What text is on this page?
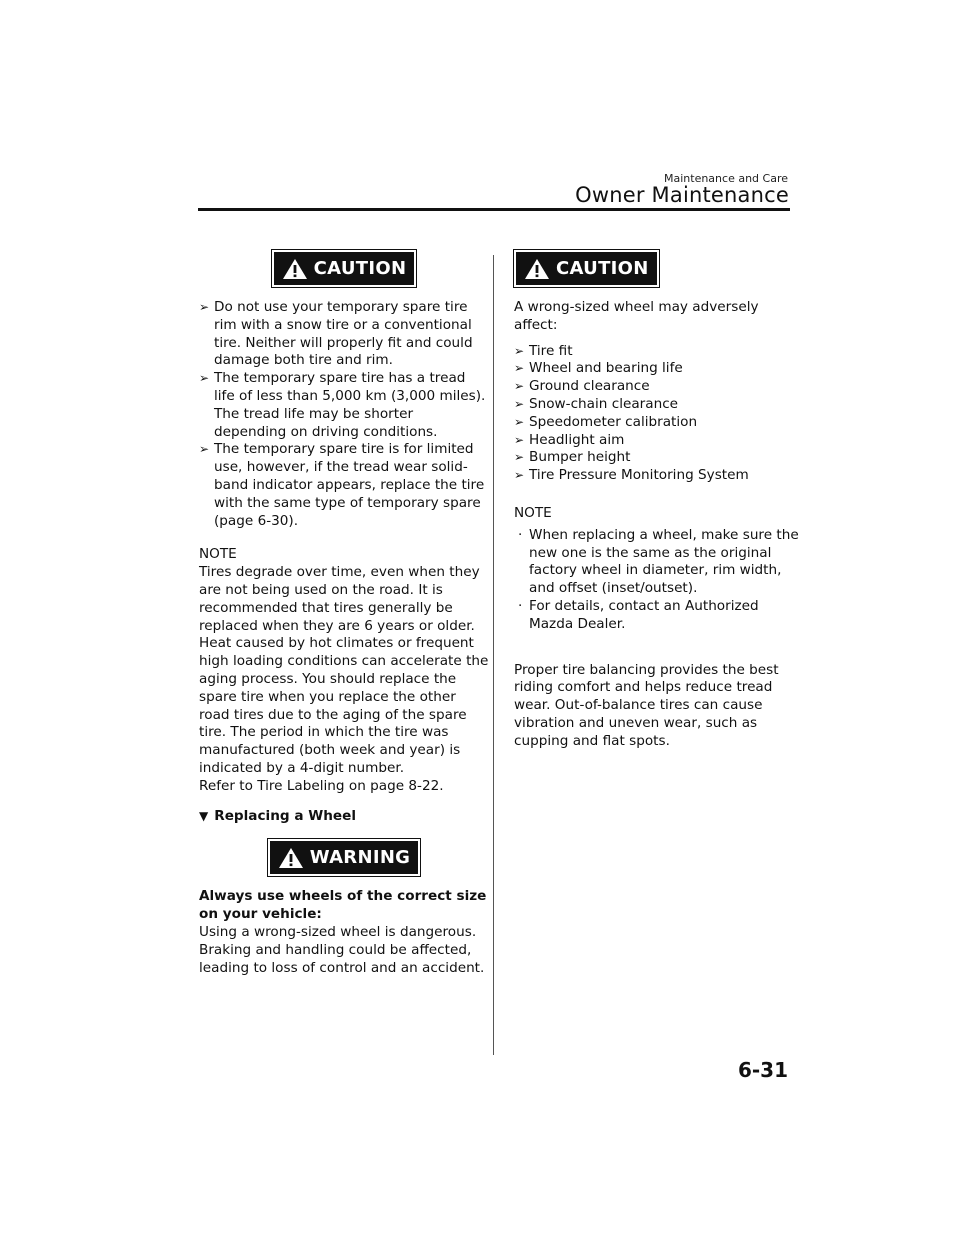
Maintenance and Care
Owner Maintenance
CAUTION
➢ Do not use your temporary spare tire rim with a snow tire or a conventional tire. Neither will properly fit and could damage both tire and rim.
➢ The temporary spare tire has a tread life of less than 5,000 km (3,000 miles). The tread life may be shorter depending on driving conditions.
➢ The temporary spare tire is for limited use, however, if the tread wear solid-band indicator appears, replace the tire with the same type of temporary spare (page 6-30).
NOTE

Tires degrade over time, even when they are not being used on the road. It is recommended that tires generally be replaced when they are 6 years or older. Heat caused by hot climates or frequent high loading conditions can accelerate the aging process. You should replace the spare tire when you replace the other road tires due to the aging of the spare tire. The period in which the tire was manufactured (both week and year) is indicated by a 4-digit number.

Refer to Tire Labeling on page 8-22.

▼ Replacing a Wheel
WARNING

Always use wheels of the correct size on your vehicle:

Using a wrong-sized wheel is dangerous. Braking and handling could be affected, leading to loss of control and an accident.

CAUTION

A wrong-sized wheel may adversely affect:

➢ Tire fit
➢ Wheel and bearing life
➢ Ground clearance
➢ Snow-chain clearance
➢ Speedometer calibration
➢ Headlight aim
➢ Bumper height
➢ Tire Pressure Monitoring System
NOTE
· When replacing a wheel, make sure the new one is the same as the original factory wheel in diameter, rim width, and offset (inset/outset).
· For details, contact an Authorized Mazda Dealer.

Proper tire balancing provides the best riding comfort and helps reduce tread wear. Out-of-balance tires can cause vibration and uneven wear, such as cupping and flat spots.

6-31
